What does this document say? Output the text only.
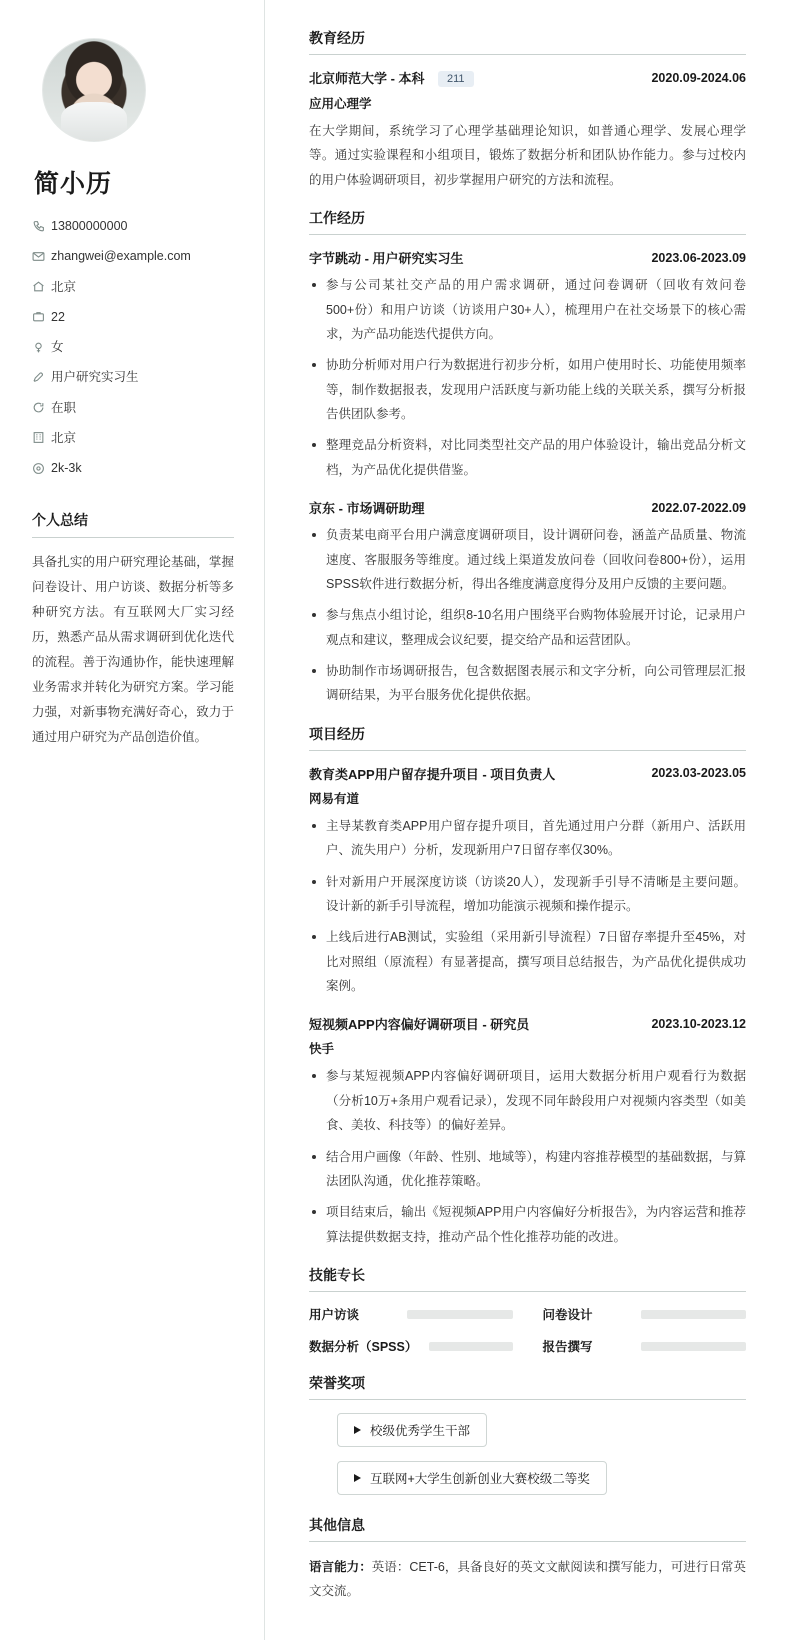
简小历
13800000000
zhangwei@example.com
北京
22
女
用户研究实习生
在职
北京
2k-3k
个人总结

具备扎实的用户研究理论基础，掌握问卷设计、用户访谈、数据分析等多种研究方法。有互联网大厂实习经历，熟悉产品从需求调研到优化迭代的流程。善于沟通协作，能快速理解业务需求并转化为研究方案。学习能力强，对新事物充满好奇心，致力于通过用户研究为产品创造价值。

教育经历
北京师范大学 - 本科 211	2020.09-2024.06
应用心理学

在大学期间，系统学习了心理学基础理论知识，如普通心理学、发展心理学等。通过实验课程和小组项目，锻炼了数据分析和团队协作能力。参与过校内的用户体验调研项目，初步掌握用户研究的方法和流程。

工作经历
字节跳动 - 用户研究实习生	2023.06-2023.09
参与公司某社交产品的用户需求调研，通过问卷调研（回收有效问卷500+份）和用户访谈（访谈用户30+人），梳理用户在社交场景下的核心需求，为产品功能迭代提供方向。
协助分析师对用户行为数据进行初步分析，如用户使用时长、功能使用频率等，制作数据报表，发现用户活跃度与新功能上线的关联关系，撰写分析报告供团队参考。
整理竞品分析资料，对比同类型社交产品的用户体验设计，输出竞品分析文档，为产品优化提供借鉴。
京东 - 市场调研助理	2022.07-2022.09
负责某电商平台用户满意度调研项目，设计调研问卷，涵盖产品质量、物流速度、客服服务等维度。通过线上渠道发放问卷（回收问卷800+份），运用SPSS软件进行数据分析，得出各维度满意度得分及用户反馈的主要问题。
参与焦点小组讨论，组织8-10名用户围绕平台购物体验展开讨论，记录用户观点和建议，整理成会议纪要，提交给产品和运营团队。
协助制作市场调研报告，包含数据图表展示和文字分析，向公司管理层汇报调研结果，为平台服务优化提供依据。
项目经历
教育类APP用户留存提升项目 - 项目负责人	2023.03-2023.05
网易有道
主导某教育类APP用户留存提升项目，首先通过用户分群（新用户、活跃用户、流失用户）分析，发现新用户7日留存率仅30%。
针对新用户开展深度访谈（访谈20人），发现新手引导不清晰是主要问题。设计新的新手引导流程，增加功能演示视频和操作提示。
上线后进行AB测试，实验组（采用新引导流程）7日留存率提升至45%，对比对照组（原流程）有显著提高，撰写项目总结报告，为产品优化提供成功案例。
短视频APP内容偏好调研项目 - 研究员	2023.10-2023.12
快手
参与某短视频APP内容偏好调研项目，运用大数据分析用户观看行为数据（分析10万+条用户观看记录），发现不同年龄段用户对视频内容类型（如美食、美妆、科技等）的偏好差异。
结合用户画像（年龄、性别、地域等），构建内容推荐模型的基础数据，与算法团队沟通，优化推荐策略。
项目结束后，输出《短视频APP用户内容偏好分析报告》，为内容运营和推荐算法提供数据支持，推动产品个性化推荐功能的改进。
技能专长
用户访谈	问卷设计
数据分析（SPSS）	报告撰写
荣誉奖项
校级优秀学生干部
互联网+大学生创新创业大赛校级二等奖
其他信息

语言能力：英语：CET-6，具备良好的英文文献阅读和撰写能力，可进行日常英文交流。
